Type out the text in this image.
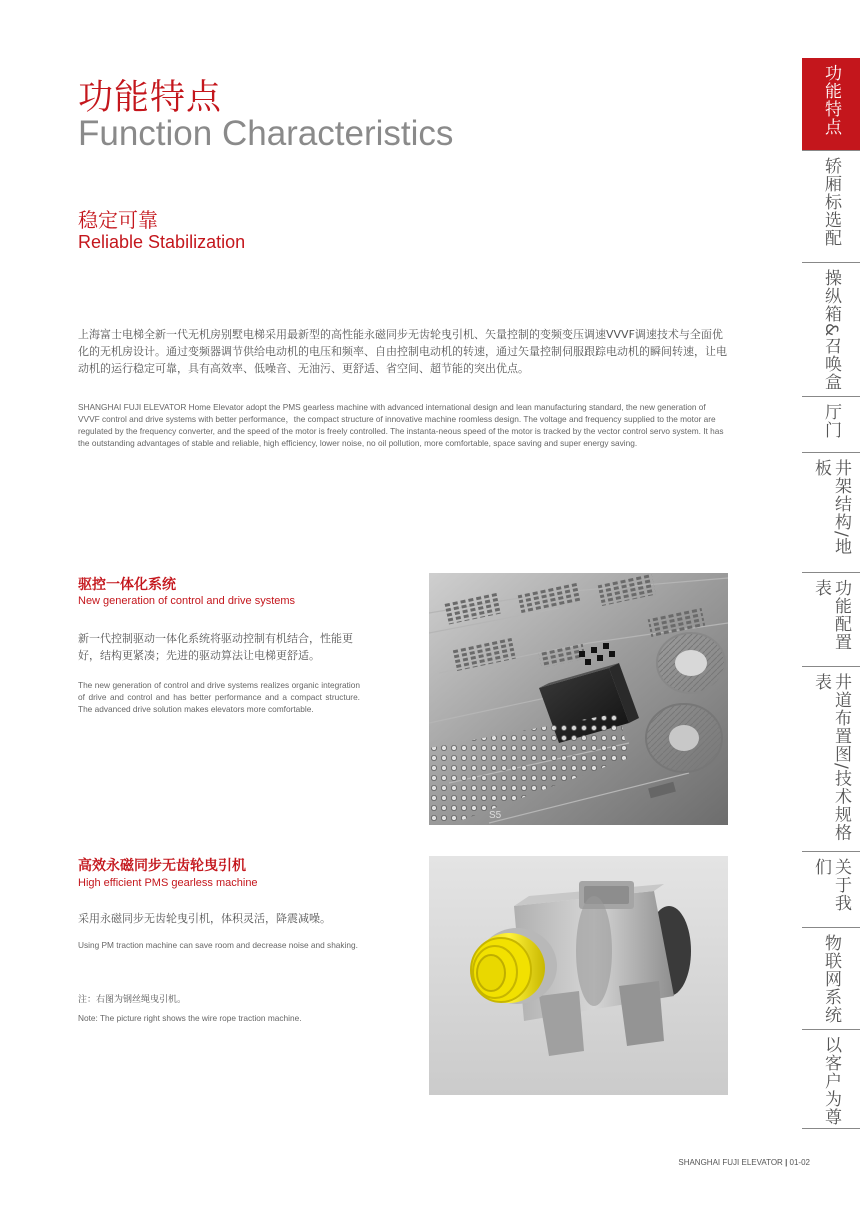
功能特点
Function Characteristics
稳定可靠
Reliable Stabilization
上海富士电梯全新一代无机房别墅电梯采用最新型的高性能永磁同步无齿轮曳引机、矢量控制的变频变压调速VVVF调速技术与全面优化的无机房设计。通过变频器调节供给电动机的电压和频率、自由控制电动机的转速，通过矢量控制伺服跟踪电动机的瞬间转速，让电动机的运行稳定可靠，具有高效率、低噪音、无油污、更舒适、省空间、超节能的突出优点。
SHANGHAI FUJI ELEVATOR Home Elevator adopt the PMS gearless machine with advanced international design and lean manufacturing standard, the new generation of VVVF control and drive systems with better performance，the compact structure of innovative machine roomless design. The voltage and frequency supplied to the motor are regulated by the frequency converter, and the speed of the motor is freely controlled. The instanta-neous speed of the motor is tracked by the vector control servo system. It has the outstanding advantages of stable and reliable, high efficiency, lower noise, no oil pollution, more comfortable, space saving and super energy saving.
驱控一体化系统
New generation of control and drive systems
新一代控制驱动一体化系统将驱动控制有机结合，性能更好，结构更紧凑；先进的驱动算法让电梯更舒适。
The new generation of control and drive systems realizes organic integration of drive and control and has better performance and a compact structure. The advanced drive solution makes elevators more comfortable.
S5
高效永磁同步无齿轮曳引机
High efficient PMS gearless machine
采用永磁同步无齿轮曳引机，体积灵活，降震减噪。
Using PM traction machine can save room and decrease noise and shaking.
注：右图为钢丝绳曳引机。
Note: The picture right shows the wire rope traction machine.
功能特点
轿厢标选配
操纵箱&召唤盒
厅门
井架结构/地板
功能配置表
井道布置图/技术规格表
关于我们
物联网系统
以客户为尊
SHANGHAI FUJI ELEVATOR | 01-02
